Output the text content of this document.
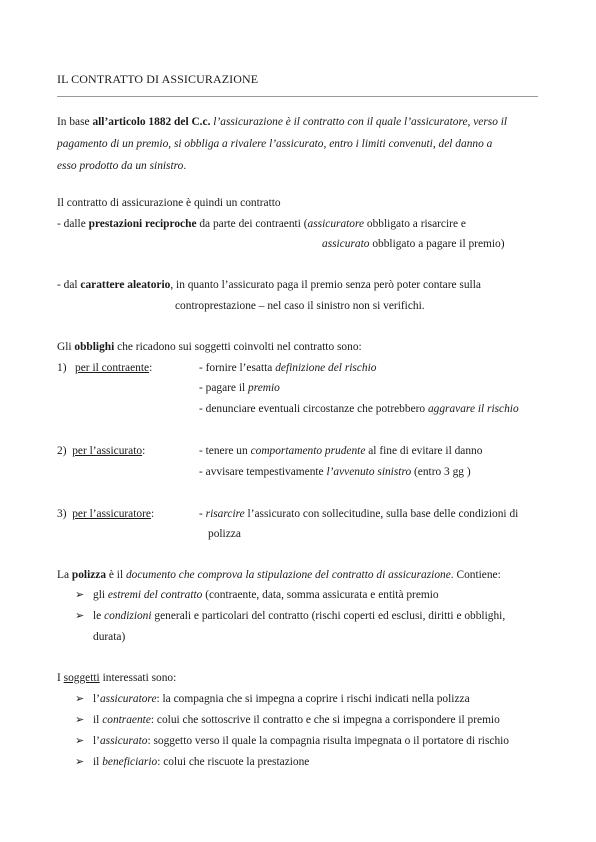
IL CONTRATTO DI ASSICURAZIONE
In base all’articolo 1882 del C.c. l’assicurazione è il contratto con il quale l’assicuratore, verso il
pagamento di un premio, si obbliga a rivalere l’assicurato, entro i limiti convenuti, del danno a
esso prodotto da un sinistro.
Il contratto di assicurazione è quindi un contratto
- dalle prestazioni reciproche da parte dei contraenti (assicuratore obbligato a risarcire e
assicurato obbligato a pagare il premio)
- dal carattere aleatorio, in quanto l’assicurato paga il premio senza però poter contare sulla
controprestazione – nel caso il sinistro non si verifichi.
Gli obblighi che ricadono sui soggetti coinvolti nel contratto sono:
1) per il contraente:	- fornire l’esatta definizione del rischio
- pagare il premio
- denunciare eventuali circostanze che potrebbero aggravare il rischio
2) per l’assicurato:	- tenere un comportamento prudente al fine di evitare il danno
- avvisare tempestivamente l’avvenuto sinistro (entro 3 gg )
3) per l’assicuratore:	- risarcire l’assicurato con sollecitudine, sulla base delle condizioni di
polizza
La polizza è il documento che comprova la stipulazione del contratto di assicurazione. Contiene:
➢ gli estremi del contratto (contraente, data, somma assicurata e entità premio
➢ le condizioni generali e particolari del contratto (rischi coperti ed esclusi, diritti e obblighi,
durata)
I soggetti interessati sono:
➢ l’assicuratore: la compagnia che si impegna a coprire i rischi indicati nella polizza
➢ il contraente: colui che sottoscrive il contratto e che si impegna a corrispondere il premio
➢ l’assicurato: soggetto verso il quale la compagnia risulta impegnata o il portatore di rischio
➢ il beneficiario: colui che riscuote la prestazione
